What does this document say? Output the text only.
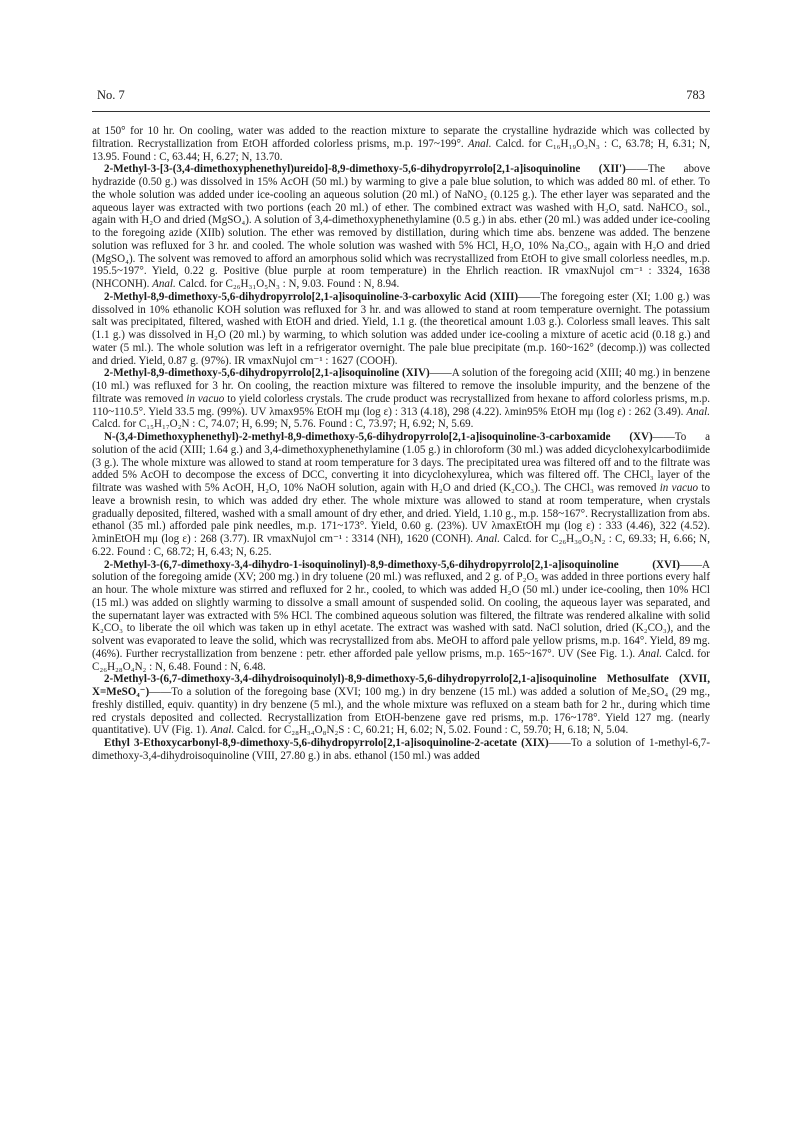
No. 7	783

at 150° for 10 hr. On cooling, water was added to the reaction mixture to separate the crystalline hydrazide which was collected by filtration. Recrystallization from EtOH afforded colorless prisms, m.p. 197~199°. Anal. Calcd. for C₁₆H₁₉O₃N₃ : C, 63.78; H, 6.31; N, 13.95. Found : C, 63.44; H, 6.27; N, 13.70.

2-Methyl-3-[3-(3,4-dimethoxyphenethyl)ureido]-8,9-dimethoxy-5,6-dihydropyrrolo[2,1-a]isoquinoline (XII')——The above hydrazide (0.50 g.) was dissolved in 15% AcOH (50 ml.) by warming to give a pale blue solution, to which was added 80 ml. of ether. To the whole solution was added under ice-cooling an aqueous solution (20 ml.) of NaNO₂ (0.125 g.). The ether layer was separated and the aqueous layer was extracted with two portions (each 20 ml.) of ether. The combined extract was washed with H₂O, satd. NaHCO₃ sol., again with H₂O and dried (MgSO₄). A solution of 3,4-dimethoxyphenethylamine (0.5 g.) in abs. ether (20 ml.) was added under ice-cooling to the foregoing azide (XIIb) solution. The ether was removed by distillation, during which time abs. benzene was added. The benzene solution was refluxed for 3 hr. and cooled. The whole solution was washed with 5% HCl, H₂O, 10% Na₂CO₃, again with H₂O and dried (MgSO₄). The solvent was removed to afford an amorphous solid which was recrystallized from EtOH to give small colorless needles, m.p. 195.5~197°. Yield, 0.22 g. Positive (blue purple at room temperature) in the Ehrlich reaction. IR νmaxNujol cm⁻¹ : 3324, 1638 (NHCONH). Anal. Calcd. for C₂₆H₃₁O₅N₃ : N, 9.03. Found : N, 8.94.

2-Methyl-8,9-dimethoxy-5,6-dihydropyrrolo[2,1-a]isoquinoline-3-carboxylic Acid (XIII)——The foregoing ester (XI; 1.00 g.) was dissolved in 10% ethanolic KOH solution was refluxed for 3 hr. and was allowed to stand at room temperature overnight. The potassium salt was precipitated, filtered, washed with EtOH and dried. Yield, 1.1 g. (the theoretical amount 1.03 g.). Colorless small leaves. This salt (1.1 g.) was dissolved in H₂O (20 ml.) by warming, to which solution was added under ice-cooling a mixture of acetic acid (0.18 g.) and water (5 ml.). The whole solution was left in a refrigerator overnight. The pale blue precipitate (m.p. 160~162° (decomp.)) was collected and dried. Yield, 0.87 g. (97%). IR νmaxNujol cm⁻¹ : 1627 (COOH).

2-Methyl-8,9-dimethoxy-5,6-dihydropyrrolo[2,1-a]isoquinoline (XIV)——A solution of the foregoing acid (XIII; 40 mg.) in benzene (10 ml.) was refluxed for 3 hr. On cooling, the reaction mixture was filtered to remove the insoluble impurity, and the benzene of the filtrate was removed in vacuo to yield colorless crystals. The crude product was recrystallized from hexane to afford colorless prisms, m.p. 110~110.5°. Yield 33.5 mg. (99%). UV λmax95% EtOH mμ (log ε) : 313 (4.18), 298 (4.22). λmin95% EtOH mμ (log ε) : 262 (3.49). Anal. Calcd. for C₁₅H₁₇O₂N : C, 74.07; H, 6.99; N, 5.76. Found : C, 73.97; H, 6.92; N, 5.69.

N-(3,4-Dimethoxyphenethyl)-2-methyl-8,9-dimethoxy-5,6-dihydropyrrolo[2,1-a]isoquinoline-3-carboxamide (XV)——To a solution of the acid (XIII; 1.64 g.) and 3,4-dimethoxyphenethylamine (1.05 g.) in chloroform (30 ml.) was added dicyclohexylcarbodiimide (3 g.). The whole mixture was allowed to stand at room temperature for 3 days. The precipitated urea was filtered off and to the filtrate was added 5% AcOH to decompose the excess of DCC, converting it into dicyclohexylurea, which was filtered off. The CHCl₃ layer of the filtrate was washed with 5% AcOH, H₂O, 10% NaOH solution, again with H₂O and dried (K₂CO₃). The CHCl₃ was removed in vacuo to leave a brownish resin, to which was added dry ether. The whole mixture was allowed to stand at room temperature, when crystals gradually deposited, filtered, washed with a small amount of dry ether, and dried. Yield, 1.10 g., m.p. 158~167°. Recrystallization from abs. ethanol (35 ml.) afforded pale pink needles, m.p. 171~173°. Yield, 0.60 g. (23%). UV λmaxEtOH mμ (log ε) : 333 (4.46), 322 (4.52). λminEtOH mμ (log ε) : 268 (3.77). IR νmaxNujol cm⁻¹ : 3314 (NH), 1620 (CONH). Anal. Calcd. for C₂₆H₃₀O₅N₂ : C, 69.33; H, 6.66; N, 6.22. Found : C, 68.72; H, 6.43; N, 6.25.

2-Methyl-3-(6,7-dimethoxy-3,4-dihydro-1-isoquinolinyl)-8,9-dimethoxy-5,6-dihydropyrrolo[2,1-a]isoquinoline (XVI)——A solution of the foregoing amide (XV; 200 mg.) in dry toluene (20 ml.) was refluxed, and 2 g. of P₂O₅ was added in three portions every half an hour. The whole mixture was stirred and refluxed for 2 hr., cooled, to which was added H₂O (50 ml.) under ice-cooling, then 10% HCl (15 ml.) was added on slightly warming to dissolve a small amount of suspended solid. On cooling, the aqueous layer was separated, and the supernatant layer was extracted with 5% HCl. The combined aqueous solution was filtered, the filtrate was rendered alkaline with solid K₂CO₃ to liberate the oil which was taken up in ethyl acetate. The extract was washed with satd. NaCl solution, dried (K₂CO₃), and the solvent was evaporated to leave the solid, which was recrystallized from abs. MeOH to afford pale yellow prisms, m.p. 164°. Yield, 89 mg. (46%). Further recrystallization from benzene : petr. ether afforded pale yellow prisms, m.p. 165~167°. UV (See Fig. 1.). Anal. Calcd. for C₂₆H₂₈O₄N₂ : N, 6.48. Found : N, 6.48.

2-Methyl-3-(6,7-dimethoxy-3,4-dihydroisoquinolyl)-8,9-dimethoxy-5,6-dihydropyrrolo[2,1-a]isoquinoline Methosulfate (XVII, X=MeSO₄⁻)——To a solution of the foregoing base (XVI; 100 mg.) in dry benzene (15 ml.) was added a solution of Me₂SO₄ (29 mg., freshly distilled, equiv. quantity) in dry benzene (5 ml.), and the whole mixture was refluxed on a steam bath for 2 hr., during which time red crystals deposited and collected. Recrystallization from EtOH-benzene gave red prisms, m.p. 176~178°. Yield 127 mg. (nearly quantitative). UV (Fig. 1). Anal. Calcd. for C₂₈H₃₄O₈N₂S : C, 60.21; H, 6.02; N, 5.02. Found : C, 59.70; H, 6.18; N, 5.04.

Ethyl 3-Ethoxycarbonyl-8,9-dimethoxy-5,6-dihydropyrrolo[2,1-a]isoquinoline-2-acetate (XIX)——To a solution of 1-methyl-6,7-dimethoxy-3,4-dihydroisoquinoline (VIII, 27.80 g.) in abs. ethanol (150 ml.) was added
